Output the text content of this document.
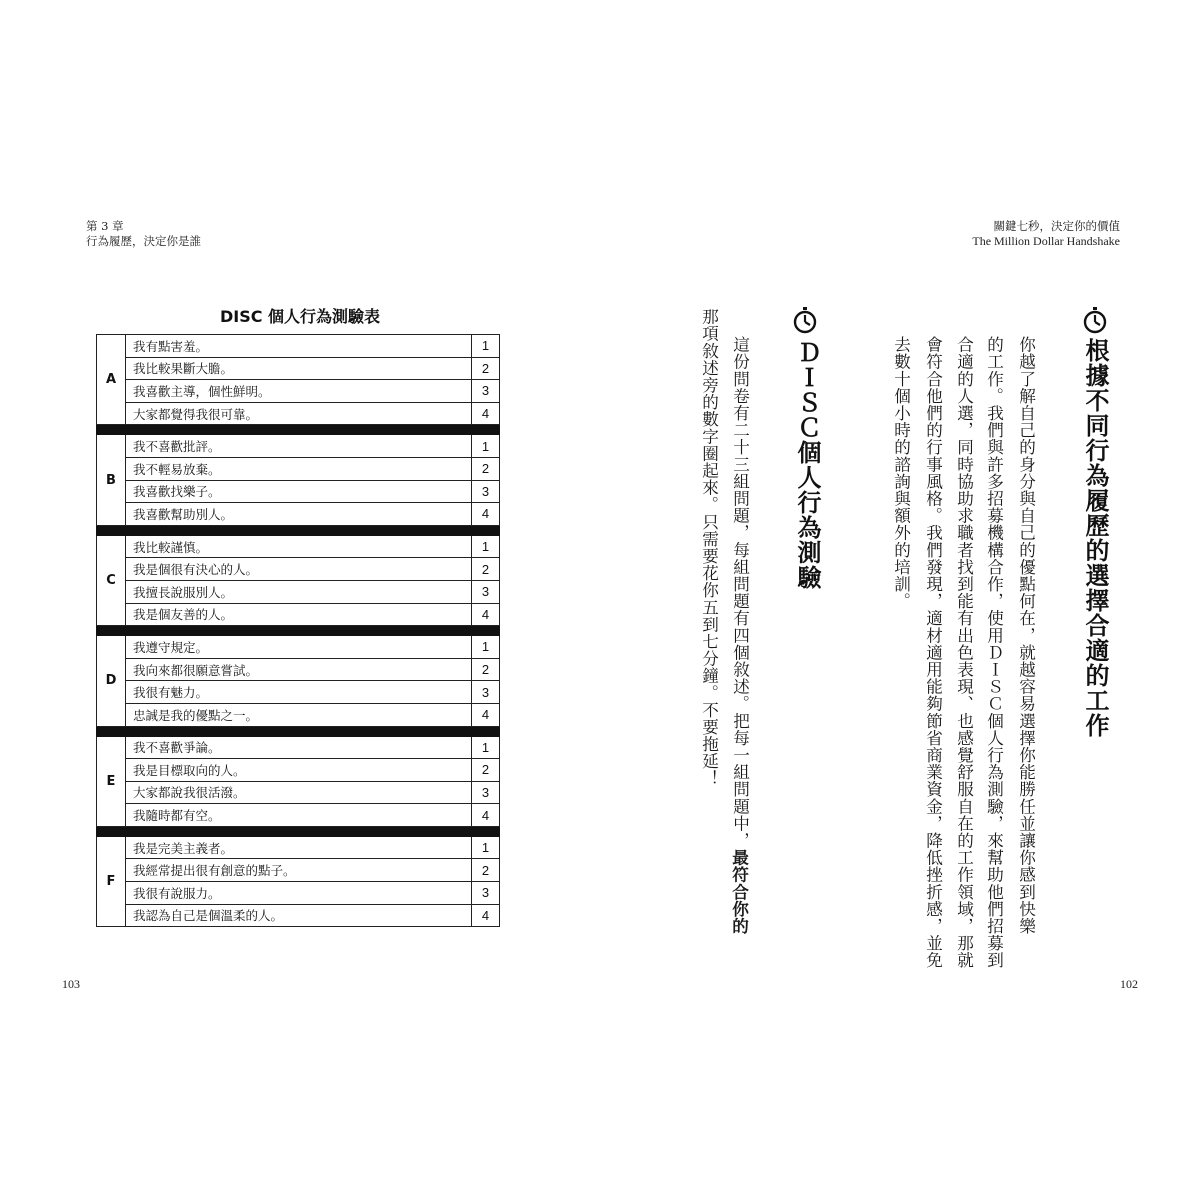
第 3 章
行為履歷，決定你是誰
關鍵七秒，決定你的價值
The Million Dollar Handshake
DISC 個人行為測驗表
A	我有點害羞。	1
	我比較果斷大膽。	2
	我喜歡主導，個性鮮明。	3
	大家都覺得我很可靠。	4

B	我不喜歡批評。	1
	我不輕易放棄。	2
	我喜歡找樂子。	3
	我喜歡幫助別人。	4

C	我比較謹慎。	1
	我是個很有決心的人。	2
	我擅長說服別人。	3
	我是個友善的人。	4

D	我遵守規定。	1
	我向來都很願意嘗試。	2
	我很有魅力。	3
	忠誠是我的優點之一。	4

E	我不喜歡爭論。	1
	我是目標取向的人。	2
	大家都說我很活潑。	3
	我隨時都有空。	4

F	我是完美主義者。	1
	我經常提出很有創意的點子。	2
	我很有說服力。	3
	我認為自己是個溫柔的人。	4
根據不同行為履歷的選擇合適的工作
你越了解自己的身分與自己的優點何在，就越容易選擇你能勝任並讓你感到快樂
的工作。我們與許多招募機構合作，使用ＤＩＳＣ個人行為測驗，來幫助他們招募到
合適的人選，同時協助求職者找到能有出色表現、也感覺舒服自在的工作領域，那就
會符合他們的行事風格。我們發現，適材適用能夠節省商業資金，降低挫折感，並免
去數十個小時的諮詢與額外的培訓。
ＤＩＳＣ個人行為測驗
這份問卷有二十三組問題，每組問題有四個敘述。把每一組問題中，最符合你的
那項敘述旁的數字圈起來。只需要花你五到七分鐘。不要拖延！
103	102
